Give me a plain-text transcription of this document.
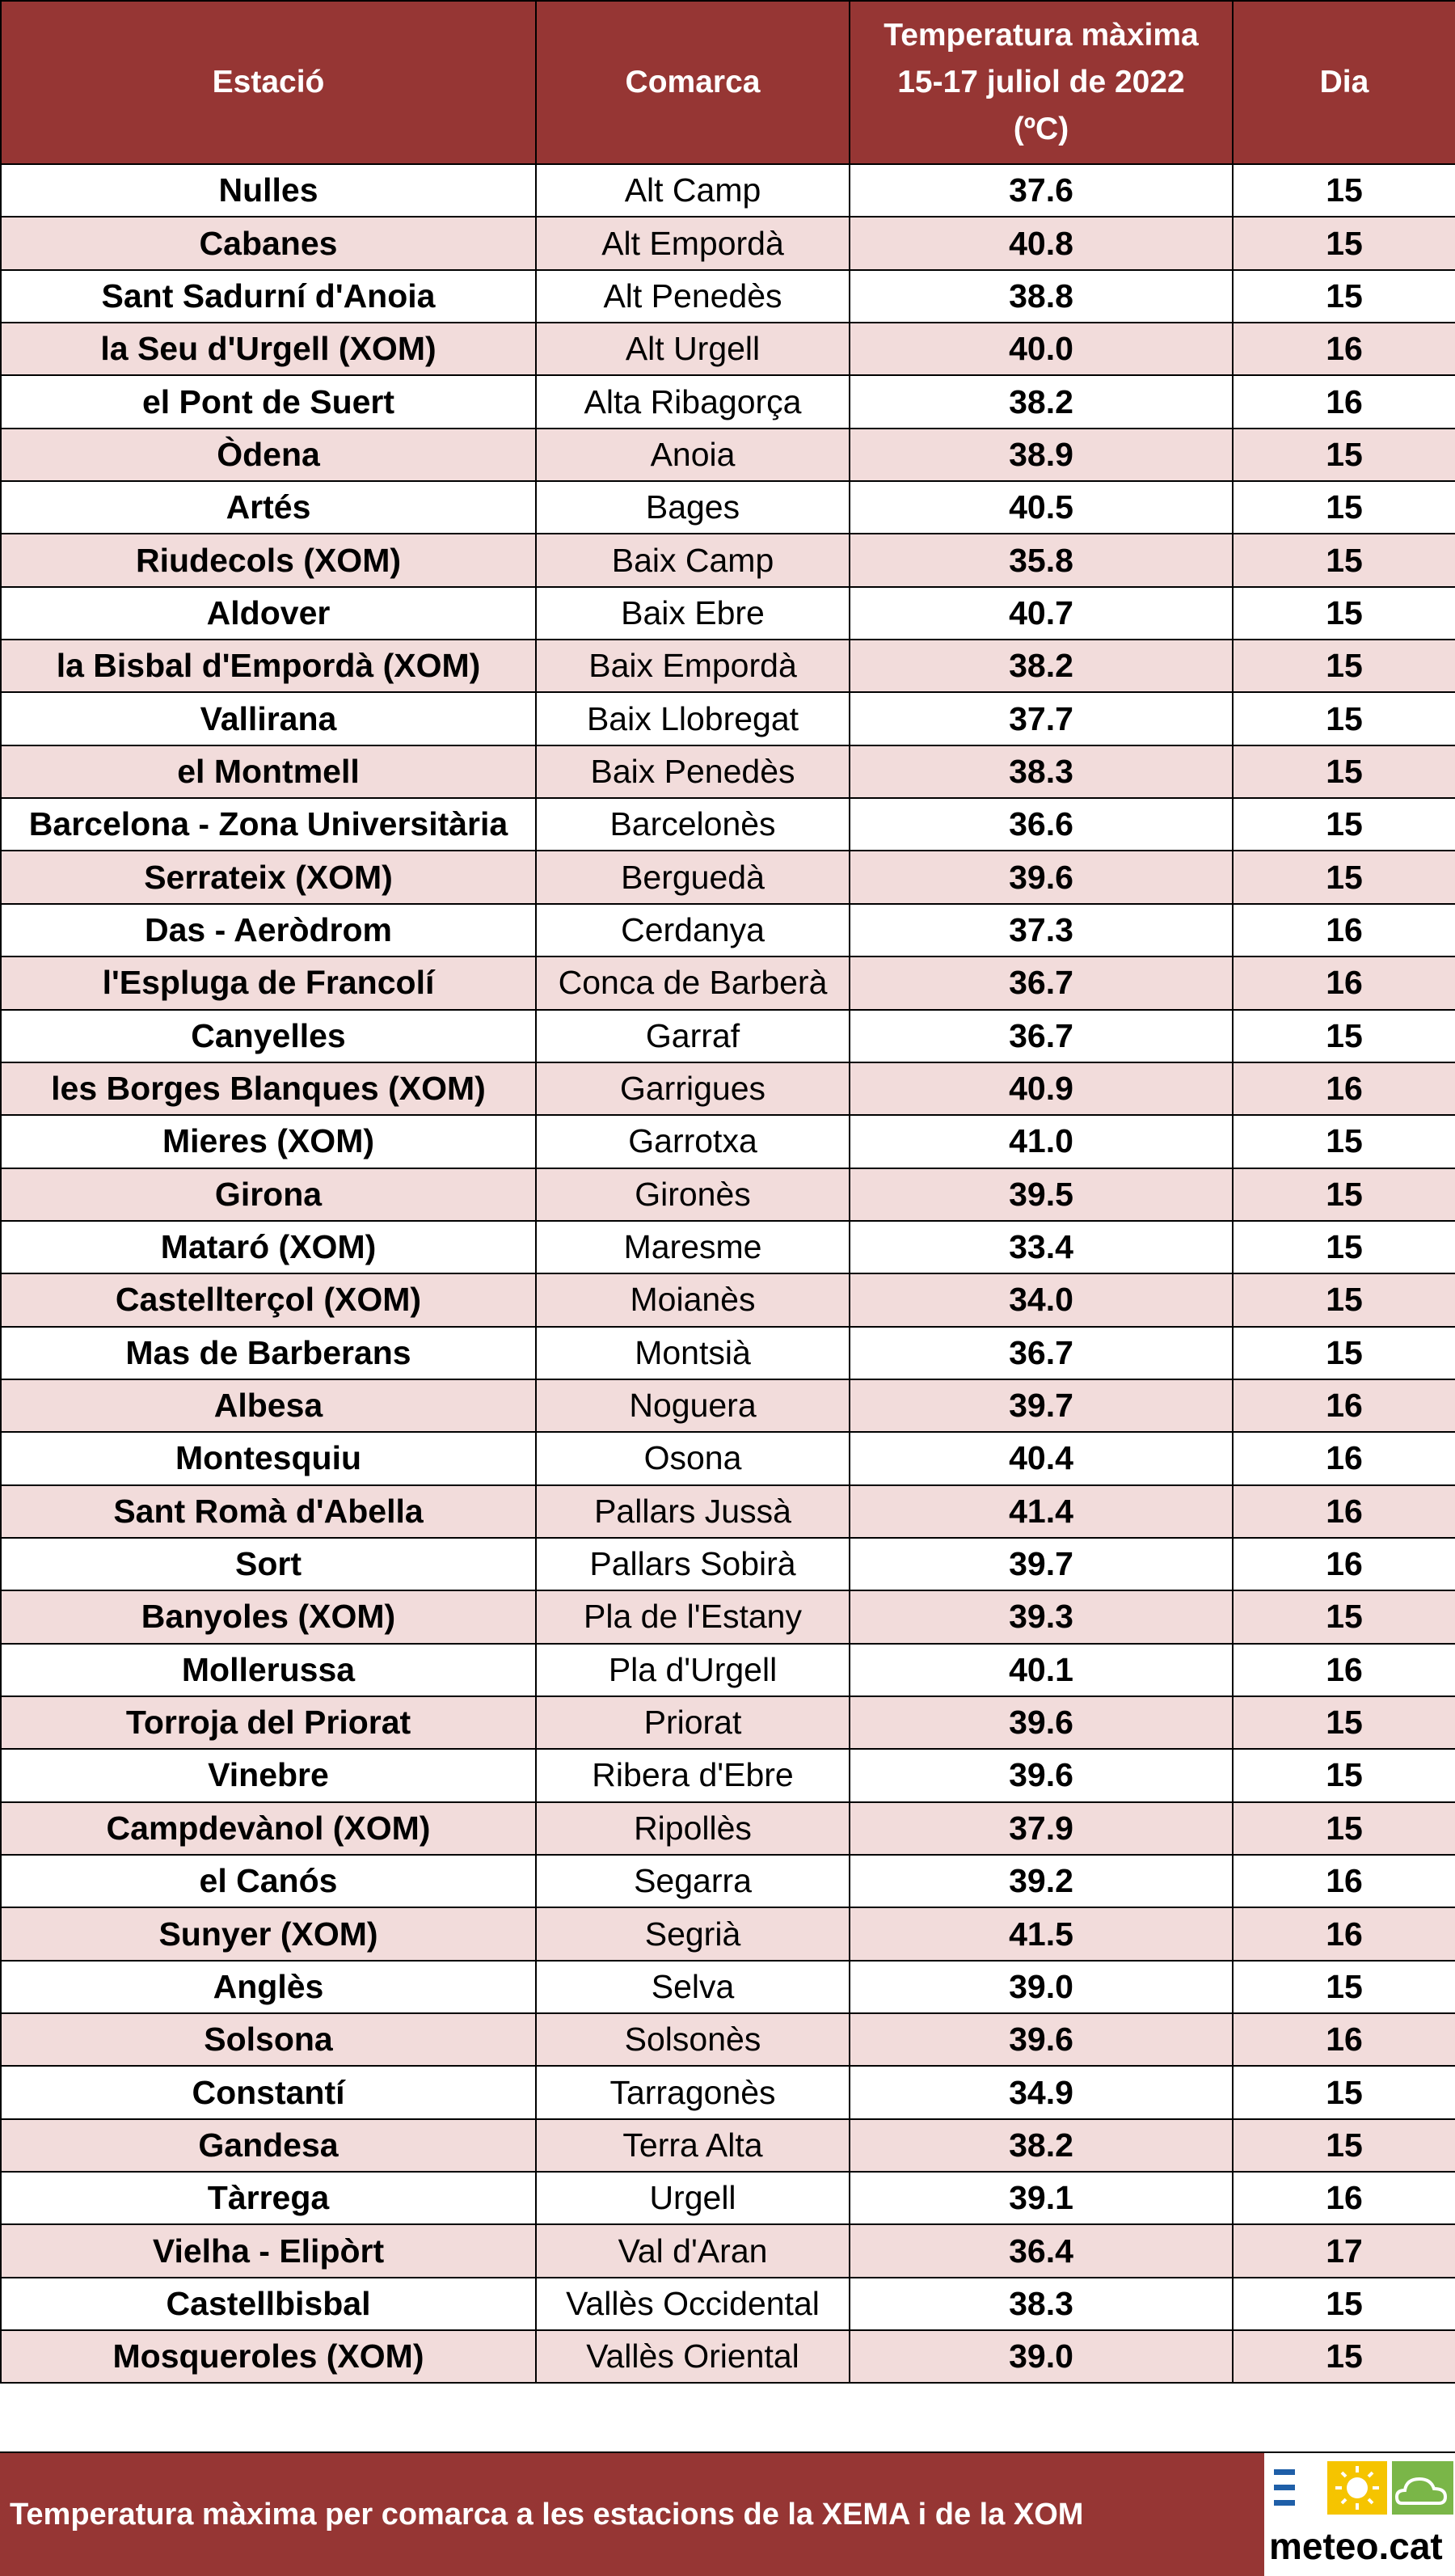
Estació	Comarca	Temperatura màxima
15-17 juliol de 2022
(ºC)	Dia
Nulles	Alt Camp	37.6	15
Cabanes	Alt Empordà	40.8	15
Sant Sadurní d'Anoia	Alt Penedès	38.8	15
la Seu d'Urgell (XOM)	Alt Urgell	40.0	16
el Pont de Suert	Alta Ribagorça	38.2	16
Òdena	Anoia	38.9	15
Artés	Bages	40.5	15
Riudecols (XOM)	Baix Camp	35.8	15
Aldover	Baix Ebre	40.7	15
la Bisbal d'Empordà (XOM)	Baix Empordà	38.2	15
Vallirana	Baix Llobregat	37.7	15
el Montmell	Baix Penedès	38.3	15
Barcelona - Zona Universitària	Barcelonès	36.6	15
Serrateix (XOM)	Berguedà	39.6	15
Das - Aeròdrom	Cerdanya	37.3	16
l'Espluga de Francolí	Conca de Barberà	36.7	16
Canyelles	Garraf	36.7	15
les Borges Blanques (XOM)	Garrigues	40.9	16
Mieres (XOM)	Garrotxa	41.0	15
Girona	Gironès	39.5	15
Mataró (XOM)	Maresme	33.4	15
Castellterçol (XOM)	Moianès	34.0	15
Mas de Barberans	Montsià	36.7	15
Albesa	Noguera	39.7	16
Montesquiu	Osona	40.4	16
Sant Romà d'Abella	Pallars Jussà	41.4	16
Sort	Pallars Sobirà	39.7	16
Banyoles (XOM)	Pla de l'Estany	39.3	15
Mollerussa	Pla d'Urgell	40.1	16
Torroja del Priorat	Priorat	39.6	15
Vinebre	Ribera d'Ebre	39.6	15
Campdevànol (XOM)	Ripollès	37.9	15
el Canós	Segarra	39.2	16
Sunyer (XOM)	Segrià	41.5	16
Anglès	Selva	39.0	15
Solsona	Solsonès	39.6	16
Constantí	Tarragonès	34.9	15
Gandesa	Terra Alta	38.2	15
Tàrrega	Urgell	39.1	16
Vielha - Elipòrt	Val d'Aran	36.4	17
Castellbisbal	Vallès Occidental	38.3	15
Mosqueroles (XOM)	Vallès Oriental	39.0	15
Temperatura màxima per comarca a les estacions de la XEMA i de la XOM
meteo.cat
